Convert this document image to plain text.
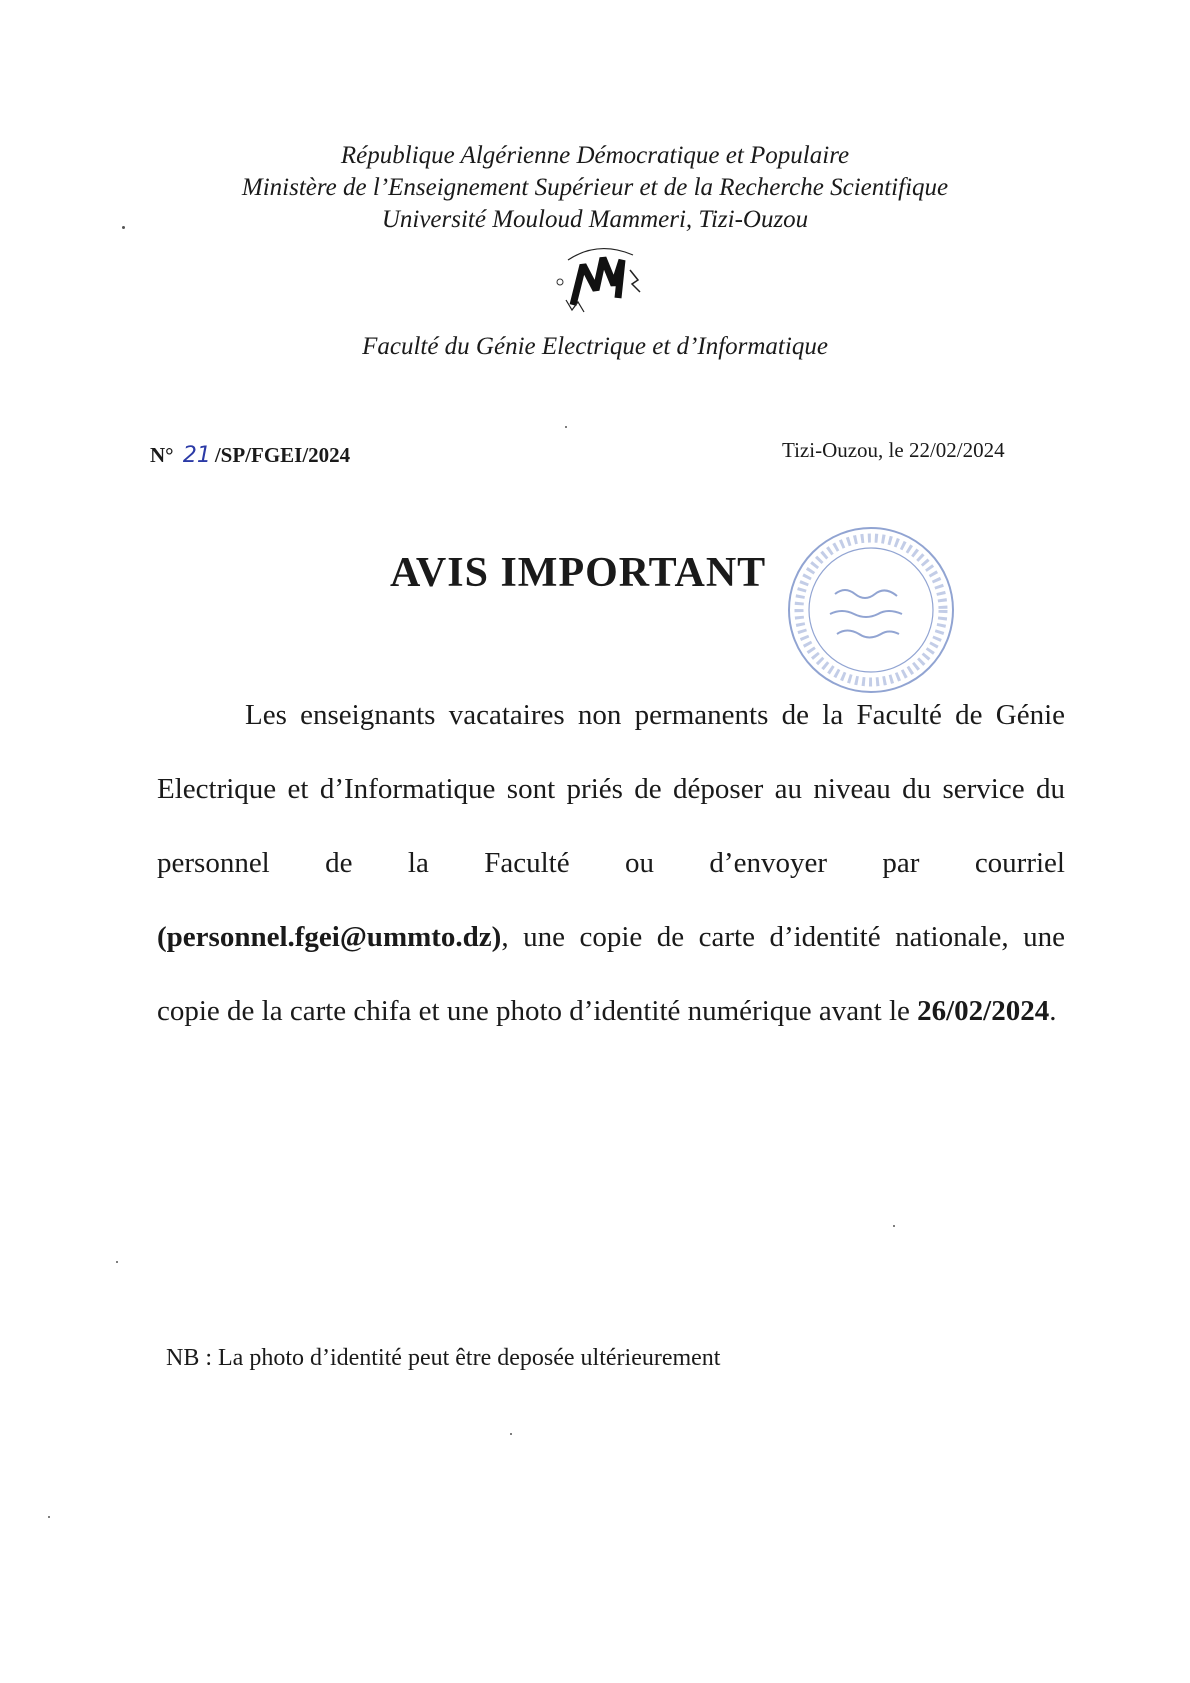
République Algérienne Démocratique et Populaire
Ministère de l’Enseignement Supérieur et de la Recherche Scientifique
Université Mouloud Mammeri, Tizi-Ouzou
Faculté du Génie Electrique et d’Informatique
N° 21 /SP/FGEI/2024	Tizi-Ouzou, le 22/02/2024
AVIS IMPORTANT
Les enseignants vacataires non permanents de la Faculté de Génie Electrique et d’Informatique sont priés de déposer au niveau du service du personnel de la Faculté ou d’envoyer par courriel (personnel.fgei@ummto.dz), une copie de carte d’identité nationale, une copie de la carte chifa et une photo d’identité numérique avant le 26/02/2024.
NB : La photo d’identité peut être deposée ultérieurement
